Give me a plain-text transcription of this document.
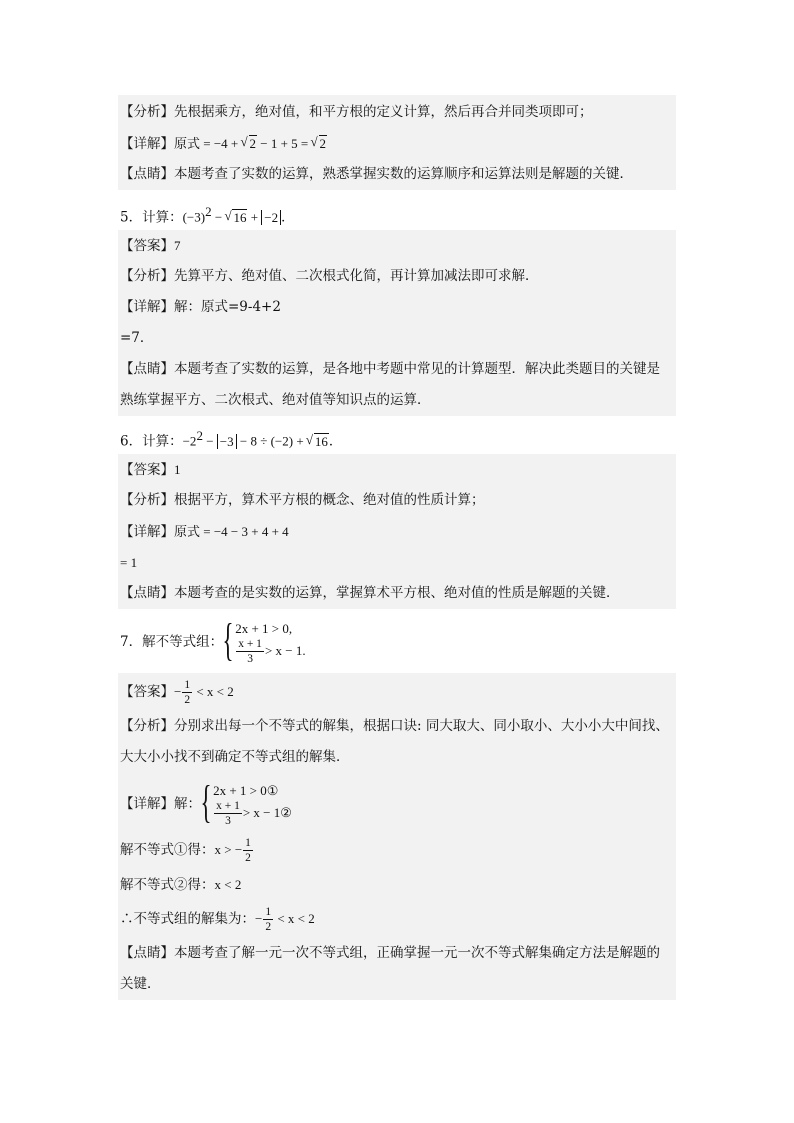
【分析】先根据乘方，绝对值，和平方根的定义计算，然后再合并同类项即可；
【详解】原式 = −4 + √ 2 − 1 + 5 = √ 2
【点睛】本题考查了实数的运算，熟悉掌握实数的运算顺序和运算法则是解题的关键．
5．计算：$(-3)^2$ − √ 16 + −2 ．
【答案】7
【分析】先算平方、绝对值、二次根式化简，再计算加减法即可求解．
【详解】解：原式=9-4+2
=7．
【点睛】本题考查了实数的运算，是各地中考题中常见的计算题型．解决此类题目的关键是
熟练掌握平方、二次根式、绝对值等知识点的运算．
6．计算：$-2^2 - -3 - 8 \div (-2)$ + √ 16．
【答案】1
【分析】根据平方，算术平方根的概念、绝对值的性质计算；
【详解】原式 = −4 − 3 + 4 + 4
= 1
【点睛】本题考查的是实数的运算，掌握算术平方根、绝对值的性质是解题的关键．
7．解不等式组： { 2x + 1 > 0,
$\frac{x + 1}{3} > x - 1$.
【答案】− $\frac{1}{2} < x < 2$
【分析】分别求出每一个不等式的解集，根据口诀: 同大取大、同小取小、大小小大中间找、
大大小小找不到确定不等式组的解集．
【详解】 解： { 2x + 1 > 0①
$\frac{x + 1}{3} > x$ − 1②
解不等式①得：x > − $\frac{1}{2}$
解不等式②得：x < 2
∴不等式组的解集为：− $\frac{1}{2} < x < 2$
【点睛】本题考查了解一元一次不等式组，正确掌握一元一次不等式解集确定方法是解题的
关键．
